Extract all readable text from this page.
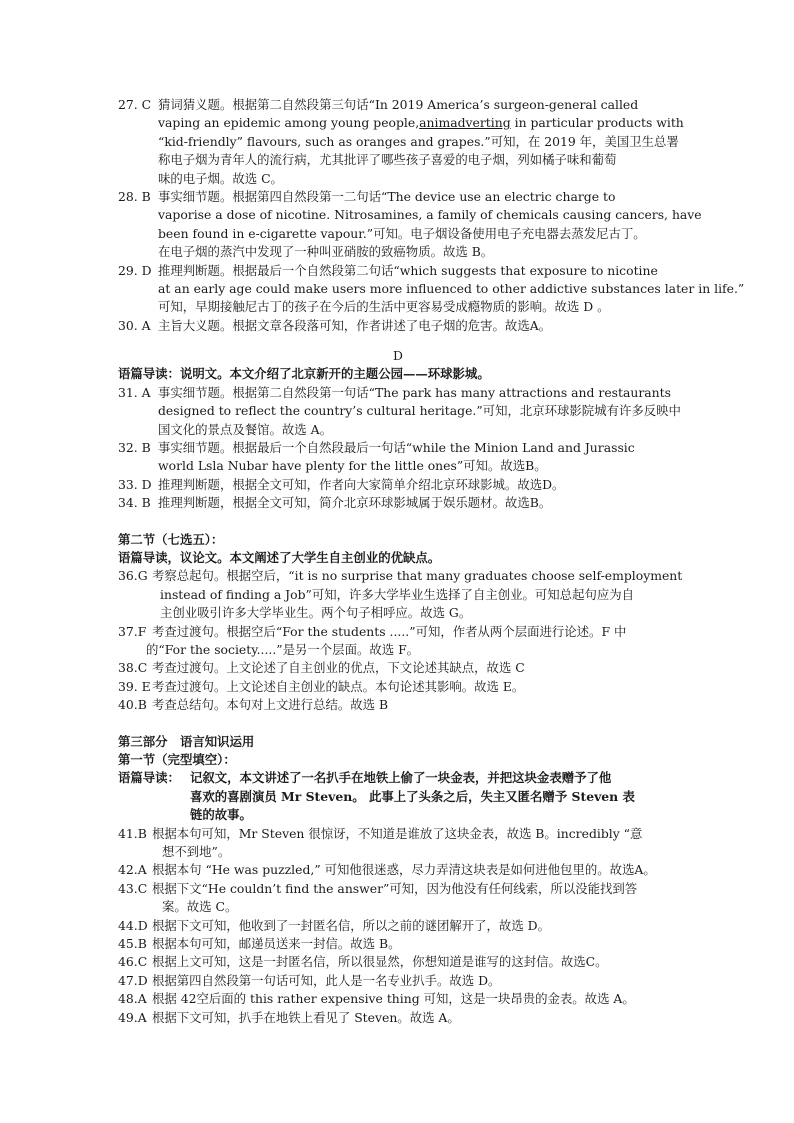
27. C 猜词猜义题。根据第二自然段第三句话“In 2019 America’s surgeon-general called
vaping an epidemic among young people,animadverting in particular products with
“kid-friendly” flavours, such as oranges and grapes.”可知，在 2019 年，美国卫生总署
称电子烟为青年人的流行病，尤其批评了哪些孩子喜爱的电子烟，列如橘子味和葡萄
味的电子烟。故选 C。
28. B 事实细节题。根据第四自然段第一二句话“The device use an electric charge to
vaporise a dose of nicotine. Nitrosamines, a family of chemicals causing cancers, have
been found in e-cigarette vapour.”可知。电子烟设备使用电子充电器去蒸发尼古丁。
在电子烟的蒸汽中发现了一种叫亚硝胺的致癌物质。故选 B。
29. D 推理判断题。根据最后一个自然段第二句话“which suggests that exposure to nicotine
at an early age could make users more influenced to other addictive substances later in life.”
可知，早期接触尼古丁的孩子在今后的生活中更容易受成瘾物质的影响。故选 D 。
30. A 主旨大义题。根据文章各段落可知，作者讲述了电子烟的危害。故选A。
D
语篇导读：说明文。本文介绍了北京新开的主题公园——环球影城。
31. A 事实细节题。根据第二自然段第一句话“The park has many attractions and restaurants
designed to reflect the country’s cultural heritage.”可知，北京环球影院城有许多反映中
国文化的景点及餐馆。故选 A。
32. B 事实细节题。根据最后一个自然段最后一句话“while the Minion Land and Jurassic
world Lsla Nubar have plenty for the little ones”可知。故选B。
33. D 推理判断题，根据全文可知，作者向大家简单介绍北京环球影城。故选D。
34. B 推理判断题，根据全文可知，简介北京环球影城属于娱乐题材。故选B。
第二节（七选五）：
语篇导读，议论文。本文阐述了大学生自主创业的优缺点。
36.G 考察总起句。根据空后，“it is no surprise that many graduates choose self-employment
instead of finding a Job”可知，许多大学毕业生选择了自主创业。可知总起句应为自
主创业吸引许多大学毕业生。两个句子相呼应。故选 G。
37.F 考查过渡句。根据空后“For the students .....”可知，作者从两个层面进行论述。F 中
的“For the society.....”是另一个层面。故选 F。
38.C 考查过渡句。上文论述了自主创业的优点，下文论述其缺点，故选 C
39. E 考查过渡句。上文论述自主创业的缺点。本句论述其影响。故选 E。
40.B 考查总结句。本句对上文进行总结。故选 B
第三部分　语言知识运用
第一节（完型填空）：
语篇导读： 记叙文，本文讲述了一名扒手在地铁上偷了一块金表，并把这块金表赠予了他
喜欢的喜剧演员 Mr Steven。 此事上了头条之后，失主又匿名赠予 Steven 表
链的故事。
41.B 根据本句可知，Mr Steven 很惊讶，不知道是谁放了这块金表，故选 B。incredibly “意
想不到地”。
42.A 根据本句 “He was puzzled,” 可知他很迷惑，尽力弄清这块表是如何进他包里的。故选A。
43.C 根据下文“He couldn’t find the answer”可知，因为他没有任何线索，所以没能找到答
案。故选 C。
44.D 根据下文可知，他收到了一封匿名信，所以之前的谜团解开了，故选 D。
45.B 根据本句可知，邮递员送来一封信。故选 B。
46.C 根据上文可知，这是一封匿名信，所以很显然，你想知道是谁写的这封信。故选C。
47.D 根据第四自然段第一句话可知，此人是一名专业扒手。故选 D。
48.A 根据 42空后面的 this rather expensive thing 可知，这是一块昂贵的金表。故选 A。
49.A 根据下文可知，扒手在地铁上看见了 Steven。故选 A。
